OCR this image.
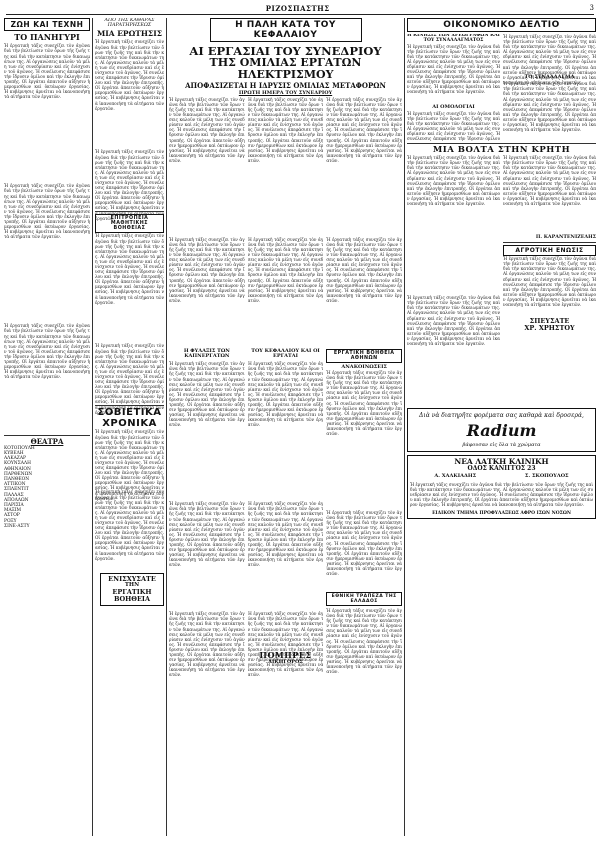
ΡΙΖΟΣΠΑΣΤΗΣ	3
ΖΩΗ ΚΑΙ ΤΕΧΝΗ
ΤΟ ΠΑΝΗΓΥΡΙ
Ἡ ἐργατικὴ τάξις συνεχίζει τὸν ἀγῶνα διὰ τὴν βελτίωσιν τῶν ὅρων τῆς ζωῆς της καὶ διὰ τὴν κατάκτησιν τῶν δικαιωμάτων της. Αἱ ὀργανώσεις καλοῦν τὰ μέλη των εἰς συνεδρίασιν καὶ εἰς ἐνίσχυσιν τοῦ ἀγῶνος. Ἡ συνέλευσις ἀπεφάσισε τὴν ἵδρυσιν ὁμίλου καὶ τὴν ἐκλογὴν ἐπιτροπῆς. Οἱ ἐργάται ἀπαιτοῦν αὔξησιν ἡμερομισθίων καὶ ὀκτάωρον ἐργασίας. Ἡ κυβέρνησις ἀρνεῖται νὰ ἱκανοποιήσῃ τὰ αἰτήματα τῶν ἐργατῶν.
Ἡ ἐργατικὴ τάξις συνεχίζει τὸν ἀγῶνα διὰ τὴν βελτίωσιν τῶν ὅρων τῆς ζωῆς της καὶ διὰ τὴν κατάκτησιν τῶν δικαιωμάτων της. Αἱ ὀργανώσεις καλοῦν τὰ μέλη των εἰς συνεδρίασιν καὶ εἰς ἐνίσχυσιν τοῦ ἀγῶνος. Ἡ συνέλευσις ἀπεφάσισε τὴν ἵδρυσιν ὁμίλου καὶ τὴν ἐκλογὴν ἐπιτροπῆς. Οἱ ἐργάται ἀπαιτοῦν αὔξησιν ἡμερομισθίων καὶ ὀκτάωρον ἐργασίας. Ἡ κυβέρνησις ἀρνεῖται νὰ ἱκανοποιήσῃ τὰ αἰτήματα τῶν ἐργατῶν.
Ἡ ἐργατικὴ τάξις συνεχίζει τὸν ἀγῶνα διὰ τὴν βελτίωσιν τῶν ὅρων τῆς ζωῆς της καὶ διὰ τὴν κατάκτησιν τῶν δικαιωμάτων της. Αἱ ὀργανώσεις καλοῦν τὰ μέλη των εἰς συνεδρίασιν καὶ εἰς ἐνίσχυσιν τοῦ ἀγῶνος. Ἡ συνέλευσις ἀπεφάσισε τὴν ἵδρυσιν ὁμίλου καὶ τὴν ἐκλογὴν ἐπιτροπῆς. Οἱ ἐργάται ἀπαιτοῦν αὔξησιν ἡμερομισθίων καὶ ὀκτάωρον ἐργασίας. Ἡ κυβέρνησις ἀρνεῖται νὰ ἱκανοποιήσῃ τὰ αἰτήματα τῶν ἐργατῶν.
ΘΕΑΤΡΑ
ΚΟΤΟΠΟΥΛΗ
ΚΥΒΕΛΗ
ΑΛΚΑΖΑΡ
ΚΟΥΝΣΑΛΗ
ΑΘΗΝΑΙΟΝ
ΠΑΡΘΕΝΩΝ
ΠΑΝΘΕΟΝ
ΑΤΤΙΚΟΝ
ΣΠΛΕΝΤΙΤ
ΠΑΛΛΑΣ
ΑΠΟΛΛΩΝ
ΠΑΡΙΣΙΑ
ΜΑΞΙΜ
ΑΣΤΟΡ
ΡΟΞΥ
ΣΙΝΕ-ΑΣΤΥ
ΑΠΟ ΤΗΣ ΚΑΘΑΡΑΣ ΠΑΡΑΤΗΡΗΣΕΩΣ
ΜΙΑ ΕΡΩΤΗΣΙΣ
Ἡ ἐργατικὴ τάξις συνεχίζει τὸν ἀγῶνα διὰ τὴν βελτίωσιν τῶν ὅρων τῆς ζωῆς της καὶ διὰ τὴν κατάκτησιν τῶν δικαιωμάτων της. Αἱ ὀργανώσεις καλοῦν τὰ μέλη των εἰς συνεδρίασιν καὶ εἰς ἐνίσχυσιν τοῦ ἀγῶνος. Ἡ συνέλευσις ἀπεφάσισε τὴν ἵδρυσιν ὁμίλου καὶ τὴν ἐκλογὴν ἐπιτροπῆς. Οἱ ἐργάται ἀπαιτοῦν αὔξησιν ἡμερομισθίων καὶ ὀκτάωρον ἐργασίας. Ἡ κυβέρνησις ἀρνεῖται νὰ ἱκανοποιήσῃ τὰ αἰτήματα τῶν ἐργατῶν.
Ἡ ἐργατικὴ τάξις συνεχίζει τὸν ἀγῶνα διὰ τὴν βελτίωσιν τῶν ὅρων τῆς ζωῆς της καὶ διὰ τὴν κατάκτησιν τῶν δικαιωμάτων της. Αἱ ὀργανώσεις καλοῦν τὰ μέλη των εἰς συνεδρίασιν καὶ εἰς ἐνίσχυσιν τοῦ ἀγῶνος. Ἡ συνέλευσις ἀπεφάσισε τὴν ἵδρυσιν ὁμίλου καὶ τὴν ἐκλογὴν ἐπιτροπῆς. Οἱ ἐργάται ἀπαιτοῦν αὔξησιν ἡμερομισθίων καὶ ὀκτάωρον ἐργασίας. Ἡ κυβέρνησις ἀρνεῖται νὰ ἱκανοποιήσῃ τὰ αἰτήματα τῶν ἐργατῶν.
ΕΠΙΤΡΟΠΕΙΑ ΜΑΘΗΤΙΚΗΣ ΒΟΗΘΕΙΑΣ
Ἡ ἐργατικὴ τάξις συνεχίζει τὸν ἀγῶνα διὰ τὴν βελτίωσιν τῶν ὅρων τῆς ζωῆς της καὶ διὰ τὴν κατάκτησιν τῶν δικαιωμάτων της. Αἱ ὀργανώσεις καλοῦν τὰ μέλη των εἰς συνεδρίασιν καὶ εἰς ἐνίσχυσιν τοῦ ἀγῶνος. Ἡ συνέλευσις ἀπεφάσισε τὴν ἵδρυσιν ὁμίλου καὶ τὴν ἐκλογὴν ἐπιτροπῆς. Οἱ ἐργάται ἀπαιτοῦν αὔξησιν ἡμερομισθίων καὶ ὀκτάωρον ἐργασίας. Ἡ κυβέρνησις ἀρνεῖται νὰ ἱκανοποιήσῃ τὰ αἰτήματα τῶν ἐργατῶν.
Ἡ ἐργατικὴ τάξις συνεχίζει τὸν ἀγῶνα διὰ τὴν βελτίωσιν τῶν ὅρων τῆς ζωῆς της καὶ διὰ τὴν κατάκτησιν τῶν δικαιωμάτων της. Αἱ ὀργανώσεις καλοῦν τὰ μέλη των εἰς συνεδρίασιν καὶ εἰς ἐνίσχυσιν τοῦ ἀγῶνος. Ἡ συνέλευσις ἀπεφάσισε τὴν ἵδρυσιν ὁμίλου καὶ τὴν ἐκλογὴν ἐπιτροπῆς. Οἱ ἐργάται ἀπαιτοῦν αὔξησιν ἡμερομισθίων καὶ ὀκτάωρον ἐργασίας. Ἡ κυβέρνησις ἀρνεῖται νὰ ἱκανοποιήσῃ τὰ αἰτήματα τῶν ἐργατῶν.
ΣΟΒΙΕΤΙΚΑ ΧΡΟΝΙΚΑ
Ἡ ἐργατικὴ τάξις συνεχίζει τὸν ἀγῶνα διὰ τὴν βελτίωσιν τῶν ὅρων τῆς ζωῆς της καὶ διὰ τὴν κατάκτησιν τῶν δικαιωμάτων της. Αἱ ὀργανώσεις καλοῦν τὰ μέλη των εἰς συνεδρίασιν καὶ εἰς ἐνίσχυσιν τοῦ ἀγῶνος. Ἡ συνέλευσις ἀπεφάσισε τὴν ἵδρυσιν ὁμίλου καὶ τὴν ἐκλογὴν ἐπιτροπῆς. Οἱ ἐργάται ἀπαιτοῦν αὔξησιν ἡμερομισθίων καὶ ὀκτάωρον ἐργασίας. Ἡ κυβέρνησις ἀρνεῖται νὰ ἱκανοποιήσῃ τὰ αἰτήματα τῶν ἐργατῶν.
Ἡ ἐργατικὴ τάξις συνεχίζει τὸν ἀγῶνα διὰ τὴν βελτίωσιν τῶν ὅρων τῆς ζωῆς της καὶ διὰ τὴν κατάκτησιν τῶν δικαιωμάτων της. Αἱ ὀργανώσεις καλοῦν τὰ μέλη των εἰς συνεδρίασιν καὶ εἰς ἐνίσχυσιν τοῦ ἀγῶνος. Ἡ συνέλευσις ἀπεφάσισε τὴν ἵδρυσιν ὁμίλου καὶ τὴν ἐκλογὴν ἐπιτροπῆς. Οἱ ἐργάται ἀπαιτοῦν αὔξησιν ἡμερομισθίων καὶ ὀκτάωρον ἐργασίας. Ἡ κυβέρνησις ἀρνεῖται νὰ ἱκανοποιήσῃ τὰ αἰτήματα τῶν ἐργατῶν.
ΕΝΙΣΧΥΣΑΤΕ
ΤΗΝ
ΕΡΓΑΤΙΚΗ
ΒΟΗΘΕΙΑ
Η ΠΑΛΗ ΚΑΤΑ ΤΟΥ ΚΕΦΑΛΑΙΟΥ
ΑΙ ΕΡΓΑΣΙΑΙ ΤΟΥ ΣΥΝΕΔΡΙΟΥ
ΤΗΣ ΟΜΙΛΙΑΣ ΕΡΓΑΤΩΝ ΗΛΕΚΤΡΙΣΜΟΥ
ΑΠΟΦΑΣΙΖΕΤΑΙ Η ΙΔΡΥΣΙΣ ΟΜΙΛΙΑΣ ΜΕΤΑΦΟΡΩΝ
ΠΡΩΤΗ ΗΜΕΡΑ ΤΟΥ ΣΥΝΕΔΡΙΟΥ
Ἡ ἐργατικὴ τάξις συνεχίζει τὸν ἀγῶνα διὰ τὴν βελτίωσιν τῶν ὅρων τῆς ζωῆς της καὶ διὰ τὴν κατάκτησιν τῶν δικαιωμάτων της. Αἱ ὀργανώσεις καλοῦν τὰ μέλη των εἰς συνεδρίασιν καὶ εἰς ἐνίσχυσιν τοῦ ἀγῶνος. Ἡ συνέλευσις ἀπεφάσισε τὴν ἵδρυσιν ὁμίλου καὶ τὴν ἐκλογὴν ἐπιτροπῆς. Οἱ ἐργάται ἀπαιτοῦν αὔξησιν ἡμερομισθίων καὶ ὀκτάωρον ἐργασίας. Ἡ κυβέρνησις ἀρνεῖται νὰ ἱκανοποιήσῃ τὰ αἰτήματα τῶν ἐργατῶν.
Ἡ ἐργατικὴ τάξις συνεχίζει τὸν ἀγῶνα διὰ τὴν βελτίωσιν τῶν ὅρων τῆς ζωῆς της καὶ διὰ τὴν κατάκτησιν τῶν δικαιωμάτων της. Αἱ ὀργανώσεις καλοῦν τὰ μέλη των εἰς συνεδρίασιν καὶ εἰς ἐνίσχυσιν τοῦ ἀγῶνος. Ἡ συνέλευσις ἀπεφάσισε τὴν ἵδρυσιν ὁμίλου καὶ τὴν ἐκλογὴν ἐπιτροπῆς. Οἱ ἐργάται ἀπαιτοῦν αὔξησιν ἡμερομισθίων καὶ ὀκτάωρον ἐργασίας. Ἡ κυβέρνησις ἀρνεῖται νὰ ἱκανοποιήσῃ τὰ αἰτήματα τῶν ἐργατῶν.
Η ΦΥΛΑΞΙΣ ΤΩΝ ΚΑΠΝΕΡΓΑΤΩΝ
Ἡ ἐργατικὴ τάξις συνεχίζει τὸν ἀγῶνα διὰ τὴν βελτίωσιν τῶν ὅρων τῆς ζωῆς της καὶ διὰ τὴν κατάκτησιν τῶν δικαιωμάτων της. Αἱ ὀργανώσεις καλοῦν τὰ μέλη των εἰς συνεδρίασιν καὶ εἰς ἐνίσχυσιν τοῦ ἀγῶνος. Ἡ συνέλευσις ἀπεφάσισε τὴν ἵδρυσιν ὁμίλου καὶ τὴν ἐκλογὴν ἐπιτροπῆς. Οἱ ἐργάται ἀπαιτοῦν αὔξησιν ἡμερομισθίων καὶ ὀκτάωρον ἐργασίας. Ἡ κυβέρνησις ἀρνεῖται νὰ ἱκανοποιήσῃ τὰ αἰτήματα τῶν ἐργατῶν.
Ἡ ἐργατικὴ τάξις συνεχίζει τὸν ἀγῶνα διὰ τὴν βελτίωσιν τῶν ὅρων τῆς ζωῆς της καὶ διὰ τὴν κατάκτησιν τῶν δικαιωμάτων της. Αἱ ὀργανώσεις καλοῦν τὰ μέλη των εἰς συνεδρίασιν καὶ εἰς ἐνίσχυσιν τοῦ ἀγῶνος. Ἡ συνέλευσις ἀπεφάσισε τὴν ἵδρυσιν ὁμίλου καὶ τὴν ἐκλογὴν ἐπιτροπῆς. Οἱ ἐργάται ἀπαιτοῦν αὔξησιν ἡμερομισθίων καὶ ὀκτάωρον ἐργασίας. Ἡ κυβέρνησις ἀρνεῖται νὰ ἱκανοποιήσῃ τὰ αἰτήματα τῶν ἐργατῶν.
Ἡ ἐργατικὴ τάξις συνεχίζει τὸν ἀγῶνα διὰ τὴν βελτίωσιν τῶν ὅρων τῆς ζωῆς της καὶ διὰ τὴν κατάκτησιν τῶν δικαιωμάτων της. Αἱ ὀργανώσεις καλοῦν τὰ μέλη των εἰς συνεδρίασιν καὶ εἰς ἐνίσχυσιν τοῦ ἀγῶνος. Ἡ συνέλευσις ἀπεφάσισε τὴν ἵδρυσιν ὁμίλου καὶ τὴν ἐκλογὴν ἐπιτροπῆς. Οἱ ἐργάται ἀπαιτοῦν αὔξησιν ἡμερομισθίων καὶ ὀκτάωρον ἐργασίας. Ἡ κυβέρνησις ἀρνεῖται νὰ ἱκανοποιήσῃ τὰ αἰτήματα τῶν ἐργατῶν.
Ἡ ἐργατικὴ τάξις συνεχίζει τὸν ἀγῶνα διὰ τὴν βελτίωσιν τῶν ὅρων τῆς ζωῆς της καὶ διὰ τὴν κατάκτησιν τῶν δικαιωμάτων της. Αἱ ὀργανώσεις καλοῦν τὰ μέλη των εἰς συνεδρίασιν καὶ εἰς ἐνίσχυσιν τοῦ ἀγῶνος. Ἡ συνέλευσις ἀπεφάσισε τὴν ἵδρυσιν ὁμίλου καὶ τὴν ἐκλογὴν ἐπιτροπῆς. Οἱ ἐργάται ἀπαιτοῦν αὔξησιν ἡμερομισθίων καὶ ὀκτάωρον ἐργασίας. Ἡ κυβέρνησις ἀρνεῖται νὰ ἱκανοποιήσῃ τὰ αἰτήματα τῶν ἐργατῶν.
Ἡ ἐργατικὴ τάξις συνεχίζει τὸν ἀγῶνα διὰ τὴν βελτίωσιν τῶν ὅρων τῆς ζωῆς της καὶ διὰ τὴν κατάκτησιν τῶν δικαιωμάτων της. Αἱ ὀργανώσεις καλοῦν τὰ μέλη των εἰς συνεδρίασιν καὶ εἰς ἐνίσχυσιν τοῦ ἀγῶνος. Ἡ συνέλευσις ἀπεφάσισε τὴν ἵδρυσιν ὁμίλου καὶ τὴν ἐκλογὴν ἐπιτροπῆς. Οἱ ἐργάται ἀπαιτοῦν αὔξησιν ἡμερομισθίων καὶ ὀκτάωρον ἐργασίας. Ἡ κυβέρνησις ἀρνεῖται νὰ ἱκανοποιήσῃ τὰ αἰτήματα τῶν ἐργατῶν.
ΤΟΥ ΚΕΦΑΛΑΙΟΥ ΚΑΙ ΟΙ ΕΡΓΑΤΑΙ
Ἡ ἐργατικὴ τάξις συνεχίζει τὸν ἀγῶνα διὰ τὴν βελτίωσιν τῶν ὅρων τῆς ζωῆς της καὶ διὰ τὴν κατάκτησιν τῶν δικαιωμάτων της. Αἱ ὀργανώσεις καλοῦν τὰ μέλη των εἰς συνεδρίασιν καὶ εἰς ἐνίσχυσιν τοῦ ἀγῶνος. Ἡ συνέλευσις ἀπεφάσισε τὴν ἵδρυσιν ὁμίλου καὶ τὴν ἐκλογὴν ἐπιτροπῆς. Οἱ ἐργάται ἀπαιτοῦν αὔξησιν ἡμερομισθίων καὶ ὀκτάωρον ἐργασίας. Ἡ κυβέρνησις ἀρνεῖται νὰ ἱκανοποιήσῃ τὰ αἰτήματα τῶν ἐργατῶν.
Ἡ ἐργατικὴ τάξις συνεχίζει τὸν ἀγῶνα διὰ τὴν βελτίωσιν τῶν ὅρων τῆς ζωῆς της καὶ διὰ τὴν κατάκτησιν τῶν δικαιωμάτων της. Αἱ ὀργανώσεις καλοῦν τὰ μέλη των εἰς συνεδρίασιν καὶ εἰς ἐνίσχυσιν τοῦ ἀγῶνος. Ἡ συνέλευσις ἀπεφάσισε τὴν ἵδρυσιν ὁμίλου καὶ τὴν ἐκλογὴν ἐπιτροπῆς. Οἱ ἐργάται ἀπαιτοῦν αὔξησιν ἡμερομισθίων καὶ ὀκτάωρον ἐργασίας. Ἡ κυβέρνησις ἀρνεῖται νὰ ἱκανοποιήσῃ τὰ αἰτήματα τῶν ἐργατῶν.
Ἡ ἐργατικὴ τάξις συνεχίζει τὸν ἀγῶνα διὰ τὴν βελτίωσιν τῶν ὅρων τῆς ζωῆς της καὶ διὰ τὴν κατάκτησιν τῶν δικαιωμάτων της. Αἱ ὀργανώσεις καλοῦν τὰ μέλη των εἰς συνεδρίασιν καὶ εἰς ἐνίσχυσιν τοῦ ἀγῶνος. Ἡ συνέλευσις ἀπεφάσισε τὴν ἵδρυσιν ὁμίλου καὶ τὴν ἐκλογὴν ἐπιτροπῆς. Οἱ ἐργάται ἀπαιτοῦν αὔξησιν ἡμερομισθίων καὶ ὀκτάωρον ἐργασίας. Ἡ κυβέρνησις ἀρνεῖται νὰ ἱκανοποιήσῃ τὰ αἰτήματα τῶν ἐργατῶν.
ΠΟΜΠΡΕΣ
ΔΙΚΗΓΟΡΟΣ
Ἡ ἐργατικὴ τάξις συνεχίζει τὸν ἀγῶνα διὰ τὴν βελτίωσιν τῶν ὅρων τῆς ζωῆς της καὶ διὰ τὴν κατάκτησιν τῶν δικαιωμάτων της. Αἱ ὀργανώσεις καλοῦν τὰ μέλη των εἰς συνεδρίασιν καὶ εἰς ἐνίσχυσιν τοῦ ἀγῶνος. Ἡ συνέλευσις ἀπεφάσισε τὴν ἵδρυσιν ὁμίλου καὶ τὴν ἐκλογὴν ἐπιτροπῆς. Οἱ ἐργάται ἀπαιτοῦν αὔξησιν ἡμερομισθίων καὶ ὀκτάωρον ἐργασίας. Ἡ κυβέρνησις ἀρνεῖται νὰ ἱκανοποιήσῃ τὰ αἰτήματα τῶν ἐργατῶν.
Ἡ ἐργατικὴ τάξις συνεχίζει τὸν ἀγῶνα διὰ τὴν βελτίωσιν τῶν ὅρων τῆς ζωῆς της καὶ διὰ τὴν κατάκτησιν τῶν δικαιωμάτων της. Αἱ ὀργανώσεις καλοῦν τὰ μέλη των εἰς συνεδρίασιν καὶ εἰς ἐνίσχυσιν τοῦ ἀγῶνος. Ἡ συνέλευσις ἀπεφάσισε τὴν ἵδρυσιν ὁμίλου καὶ τὴν ἐκλογὴν ἐπιτροπῆς. Οἱ ἐργάται ἀπαιτοῦν αὔξησιν ἡμερομισθίων καὶ ὀκτάωρον ἐργασίας. Ἡ κυβέρνησις ἀρνεῖται νὰ ἱκανοποιήσῃ τὰ αἰτήματα τῶν ἐργατῶν.
ΕΡΓΑΤΙΚΗ ΒΟΗΘΕΙΑ ΑΘΗΝΩΝ
ΑΝΑΚΟΙΝΩΣΕΙΣ
Ἡ ἐργατικὴ τάξις συνεχίζει τὸν ἀγῶνα διὰ τὴν βελτίωσιν τῶν ὅρων τῆς ζωῆς της καὶ διὰ τὴν κατάκτησιν τῶν δικαιωμάτων της. Αἱ ὀργανώσεις καλοῦν τὰ μέλη των εἰς συνεδρίασιν καὶ εἰς ἐνίσχυσιν τοῦ ἀγῶνος. Ἡ συνέλευσις ἀπεφάσισε τὴν ἵδρυσιν ὁμίλου καὶ τὴν ἐκλογὴν ἐπιτροπῆς. Οἱ ἐργάται ἀπαιτοῦν αὔξησιν ἡμερομισθίων καὶ ὀκτάωρον ἐργασίας. Ἡ κυβέρνησις ἀρνεῖται νὰ ἱκανοποιήσῃ τὰ αἰτήματα τῶν ἐργατῶν.
Ἡ ἐργατικὴ τάξις συνεχίζει τὸν ἀγῶνα διὰ τὴν βελτίωσιν τῶν ὅρων τῆς ζωῆς της καὶ διὰ τὴν κατάκτησιν τῶν δικαιωμάτων της. Αἱ ὀργανώσεις καλοῦν τὰ μέλη των εἰς συνεδρίασιν καὶ εἰς ἐνίσχυσιν τοῦ ἀγῶνος. Ἡ συνέλευσις ἀπεφάσισε τὴν ἵδρυσιν ὁμίλου καὶ τὴν ἐκλογὴν ἐπιτροπῆς. Οἱ ἐργάται ἀπαιτοῦν αὔξησιν ἡμερομισθίων καὶ ὀκτάωρον ἐργασίας. Ἡ κυβέρνησις ἀρνεῖται νὰ ἱκανοποιήσῃ τὰ αἰτήματα τῶν ἐργατῶν.
ΕΘΝΙΚΗ ΤΡΑΠΕΖΑ ΤΗΣ ΕΛΛΑΔΟΣ
Ἡ ἐργατικὴ τάξις συνεχίζει τὸν ἀγῶνα διὰ τὴν βελτίωσιν τῶν ὅρων τῆς ζωῆς της καὶ διὰ τὴν κατάκτησιν τῶν δικαιωμάτων της. Αἱ ὀργανώσεις καλοῦν τὰ μέλη των εἰς συνεδρίασιν καὶ εἰς ἐνίσχυσιν τοῦ ἀγῶνος. Ἡ συνέλευσις ἀπεφάσισε τὴν ἵδρυσιν ὁμίλου καὶ τὴν ἐκλογὴν ἐπιτροπῆς. Οἱ ἐργάται ἀπαιτοῦν αὔξησιν ἡμερομισθίων καὶ ὀκτάωρον ἐργασίας. Ἡ κυβέρνησις ἀρνεῖται νὰ ἱκανοποιήσῃ τὰ αἰτήματα τῶν ἐργατῶν.
ΟΙΚΟΝΟΜΙΚΟ ΔΕΛΤΙΟ
Η ΚΙΝΗΣΙΣ ΤΩΝ ΧΡΕΩΓΡΑΦΩΝ ΚΑΙ ΤΟΥ ΣΥΝΑΛΛΑΓΜΑΤΟΣ
Ἡ ἐργατικὴ τάξις συνεχίζει τὸν ἀγῶνα διὰ τὴν βελτίωσιν τῶν ὅρων τῆς ζωῆς της καὶ διὰ τὴν κατάκτησιν τῶν δικαιωμάτων της. Αἱ ὀργανώσεις καλοῦν τὰ μέλη των εἰς συνεδρίασιν καὶ εἰς ἐνίσχυσιν τοῦ ἀγῶνος. Ἡ συνέλευσις ἀπεφάσισε τὴν ἵδρυσιν ὁμίλου καὶ τὴν ἐκλογὴν ἐπιτροπῆς. Οἱ ἐργάται ἀπαιτοῦν αὔξησιν ἡμερομισθίων καὶ ὀκτάωρον ἐργασίας. Ἡ κυβέρνησις ἀρνεῖται νὰ ἱκανοποιήσῃ τὰ αἰτήματα τῶν ἐργατῶν.
ΑΙ ΟΜΟΛΟΓΙΑΙ
Ἡ ἐργατικὴ τάξις συνεχίζει τὸν ἀγῶνα διὰ τὴν βελτίωσιν τῶν ὅρων τῆς ζωῆς της καὶ διὰ τὴν κατάκτησιν τῶν δικαιωμάτων της. Αἱ ὀργανώσεις καλοῦν τὰ μέλη των εἰς συνεδρίασιν καὶ εἰς ἐνίσχυσιν τοῦ ἀγῶνος. Ἡ συνέλευσις ἀπεφάσισε τὴν ἵδρυσιν ὁμίλου καὶ τὴν ἐκλογὴν ἐπιτροπῆς. Οἱ ἐργάται ἀπαιτοῦν αὔξησιν ἡμερομισθίων καὶ ὀκτάωρον ἐργασίας. Ἡ κυβέρνησις ἀρνεῖται νὰ ἱκανοποιήσῃ τὰ αἰτήματα τῶν ἐργατῶν.
Ἡ ἐργατικὴ τάξις συνεχίζει τὸν ἀγῶνα διὰ τὴν βελτίωσιν τῶν ὅρων τῆς ζωῆς της καὶ διὰ τὴν κατάκτησιν τῶν δικαιωμάτων της. Αἱ ὀργανώσεις καλοῦν τὰ μέλη των εἰς συνεδρίασιν καὶ εἰς ἐνίσχυσιν τοῦ ἀγῶνος. Ἡ συνέλευσις ἀπεφάσισε τὴν ἵδρυσιν ὁμίλου καὶ τὴν ἐκλογὴν ἐπιτροπῆς. Οἱ ἐργάται ἀπαιτοῦν αὔξησιν ἡμερομισθίων καὶ ὀκτάωρον ἐργασίας. Ἡ κυβέρνησις ἀρνεῖται νὰ ἱκανοποιήσῃ τὰ αἰτήματα τῶν ἐργατῶν.
ΤΟ ΣΥΝΑΛΛΑΓΜΑ
Ἡ ἐργατικὴ τάξις συνεχίζει τὸν ἀγῶνα διὰ τὴν βελτίωσιν τῶν ὅρων τῆς ζωῆς της καὶ διὰ τὴν κατάκτησιν τῶν δικαιωμάτων της. Αἱ ὀργανώσεις καλοῦν τὰ μέλη των εἰς συνεδρίασιν καὶ εἰς ἐνίσχυσιν τοῦ ἀγῶνος. Ἡ συνέλευσις ἀπεφάσισε τὴν ἵδρυσιν ὁμίλου καὶ τὴν ἐκλογὴν ἐπιτροπῆς. Οἱ ἐργάται ἀπαιτοῦν αὔξησιν ἡμερομισθίων καὶ ὀκτάωρον ἐργασίας. Ἡ κυβέρνησις ἀρνεῖται νὰ ἱκανοποιήσῃ τὰ αἰτήματα τῶν ἐργατῶν.
ΜΙΑ ΒΟΛΤΑ ΣΤΗΝ ΚΡΗΤΗ
Ἡ ἐργατικὴ τάξις συνεχίζει τὸν ἀγῶνα διὰ τὴν βελτίωσιν τῶν ὅρων τῆς ζωῆς της καὶ διὰ τὴν κατάκτησιν τῶν δικαιωμάτων της. Αἱ ὀργανώσεις καλοῦν τὰ μέλη των εἰς συνεδρίασιν καὶ εἰς ἐνίσχυσιν τοῦ ἀγῶνος. Ἡ συνέλευσις ἀπεφάσισε τὴν ἵδρυσιν ὁμίλου καὶ τὴν ἐκλογὴν ἐπιτροπῆς. Οἱ ἐργάται ἀπαιτοῦν αὔξησιν ἡμερομισθίων καὶ ὀκτάωρον ἐργασίας. Ἡ κυβέρνησις ἀρνεῖται νὰ ἱκανοποιήσῃ τὰ αἰτήματα τῶν ἐργατῶν.
Ἡ ἐργατικὴ τάξις συνεχίζει τὸν ἀγῶνα διὰ τὴν βελτίωσιν τῶν ὅρων τῆς ζωῆς της καὶ διὰ τὴν κατάκτησιν τῶν δικαιωμάτων της. Αἱ ὀργανώσεις καλοῦν τὰ μέλη των εἰς συνεδρίασιν καὶ εἰς ἐνίσχυσιν τοῦ ἀγῶνος. Ἡ συνέλευσις ἀπεφάσισε τὴν ἵδρυσιν ὁμίλου καὶ τὴν ἐκλογὴν ἐπιτροπῆς. Οἱ ἐργάται ἀπαιτοῦν αὔξησιν ἡμερομισθίων καὶ ὀκτάωρον ἐργασίας. Ἡ κυβέρνησις ἀρνεῖται νὰ ἱκανοποιήσῃ τὰ αἰτήματα τῶν ἐργατῶν.
Ἡ ἐργατικὴ τάξις συνεχίζει τὸν ἀγῶνα διὰ τὴν βελτίωσιν τῶν ὅρων τῆς ζωῆς της καὶ διὰ τὴν κατάκτησιν τῶν δικαιωμάτων της. Αἱ ὀργανώσεις καλοῦν τὰ μέλη των εἰς συνεδρίασιν καὶ εἰς ἐνίσχυσιν τοῦ ἀγῶνος. Ἡ συνέλευσις ἀπεφάσισε τὴν ἵδρυσιν ὁμίλου καὶ τὴν ἐκλογὴν ἐπιτροπῆς. Οἱ ἐργάται ἀπαιτοῦν αὔξησιν ἡμερομισθίων καὶ ὀκτάωρον ἐργασίας. Ἡ κυβέρνησις ἀρνεῖται νὰ ἱκανοποιήσῃ τὰ αἰτήματα τῶν ἐργατῶν.
Π. ΚΑΡΑΝΤΕΝΙΖΕΛΗΣ
ΑΓΡΟΤΙΚΗ ΕΝΩΣΙΣ
Ἡ ἐργατικὴ τάξις συνεχίζει τὸν ἀγῶνα διὰ τὴν βελτίωσιν τῶν ὅρων τῆς ζωῆς της καὶ διὰ τὴν κατάκτησιν τῶν δικαιωμάτων της. Αἱ ὀργανώσεις καλοῦν τὰ μέλη των εἰς συνεδρίασιν καὶ εἰς ἐνίσχυσιν τοῦ ἀγῶνος. Ἡ συνέλευσις ἀπεφάσισε τὴν ἵδρυσιν ὁμίλου καὶ τὴν ἐκλογὴν ἐπιτροπῆς. Οἱ ἐργάται ἀπαιτοῦν αὔξησιν ἡμερομισθίων καὶ ὀκτάωρον ἐργασίας. Ἡ κυβέρνησις ἀρνεῖται νὰ ἱκανοποιήσῃ τὰ αἰτήματα τῶν ἐργατῶν.
ΣΠΕΥΣΑΤΕ
ΧΡ. ΧΡΗΣΤΟΥ
Διὰ νὰ διατηρῆτε φορέματα σας καθαρὰ καὶ δροσερά,
Radium
βάφουσαν εἰς ὅλα τὰ χρώματα
ΝΕΑ ΛΑΤΚΗ ΚΛΙΝΙΚΗ
ΟΔΟΣ ΚΑΝΙΓΓΟΣ 23
Α. ΧΑΛΚΙΑΔΗΣ	Σ. ΣΚΟΠΟΥΛΟΣ
Ἡ ἐργατικὴ τάξις συνεχίζει τὸν ἀγῶνα διὰ τὴν βελτίωσιν τῶν ὅρων τῆς ζωῆς της καὶ διὰ τὴν κατάκτησιν τῶν δικαιωμάτων της. Αἱ ὀργανώσεις καλοῦν τὰ μέλη των εἰς συνεδρίασιν καὶ εἰς ἐνίσχυσιν τοῦ ἀγῶνος. Ἡ συνέλευσις ἀπεφάσισε τὴν ἵδρυσιν ὁμίλου καὶ τὴν ἐκλογὴν ἐπιτροπῆς. Οἱ ἐργάται ἀπαιτοῦν αὔξησιν ἡμερομισθίων καὶ ὀκτάωρον ἐργασίας. Ἡ κυβέρνησις ἀρνεῖται νὰ ἱκανοποιήσῃ τὰ αἰτήματα τῶν ἐργατῶν.
ΕΙΔΙΚΟΝ ΤΜΗΜΑ ΠΡΟΦΥΛΑΞΕΩΣ ΑΦΡΟ ΙΣΩΝ ΝΟΣΩΝ
